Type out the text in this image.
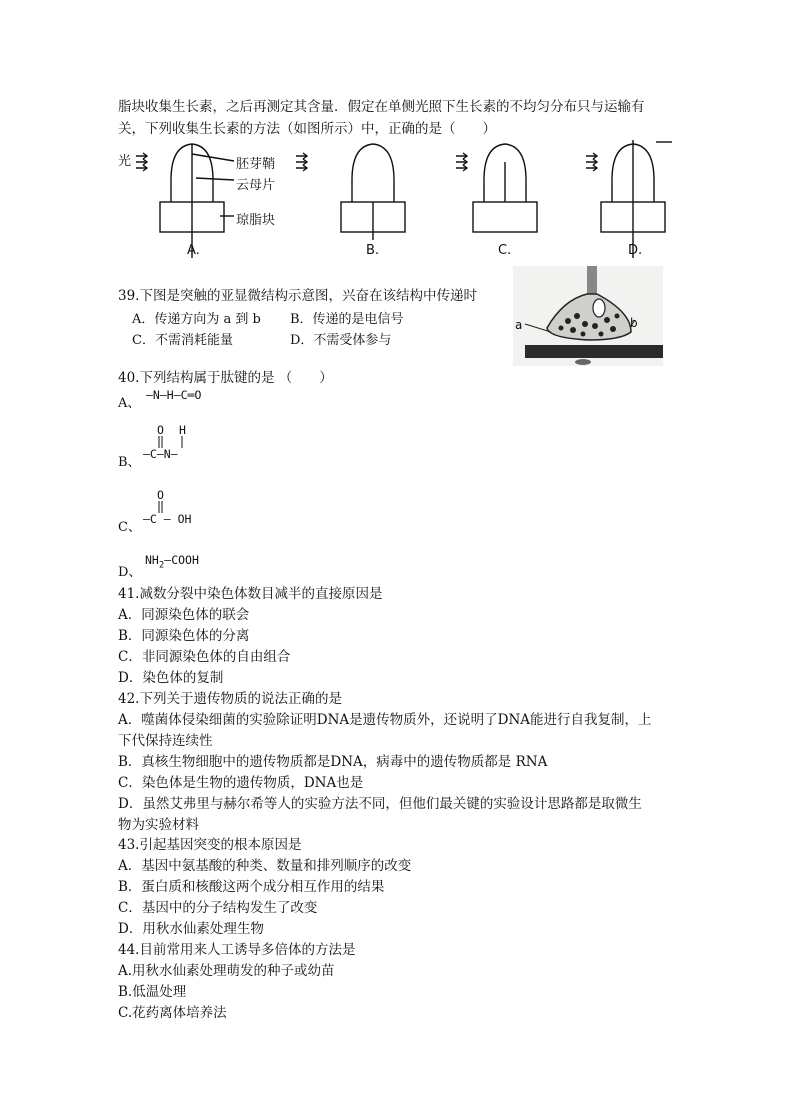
脂块收集生长素，之后再测定其含量．假定在单侧光照下生长素的不均匀分布只与运输有
关，下列收集生长素的方法（如图所示）中，正确的是（　　）
光	胚芽鞘
云母片
琼脂块
A.	B.	C.	D.
39.下图是突触的亚显微结构示意图，兴奋在该结构中传递时
A．传递方向为 a 到 b B．传递的是电信号
C．不需消耗能量	D．不需受体参与
a	b
40.下列结构属于肽键的是 （　　）
A、
—N—H—C═O
O H
B、
—C—N—
O
C、
—C — OH
D、
$NH_2—COOH$
41.减数分裂中染色体数目减半的直接原因是
A．同源染色体的联会
B．同源染色体的分离
C．非同源染色体的自由组合
D．染色体的复制
42.下列关于遗传物质的说法正确的是
A．噬菌体侵染细菌的实验除证明DNA是遗传物质外，还说明了DNA能进行自我复制，上
下代保持连续性
B．真核生物细胞中的遗传物质都是DNA，病毒中的遗传物质都是 RNA
C．染色体是生物的遗传物质，DNA也是
D．虽然艾弗里与赫尔希等人的实验方法不同，但他们最关键的实验设计思路都是取微生
物为实验材料
43.引起基因突变的根本原因是
A．基因中氨基酸的种类、数量和排列顺序的改变
B．蛋白质和核酸这两个成分相互作用的结果
C．基因中的分子结构发生了改变
D．用秋水仙素处理生物
44.目前常用来人工诱导多倍体的方法是
A.用秋水仙素处理萌发的种子或幼苗
B.低温处理
C.花药离体培养法
